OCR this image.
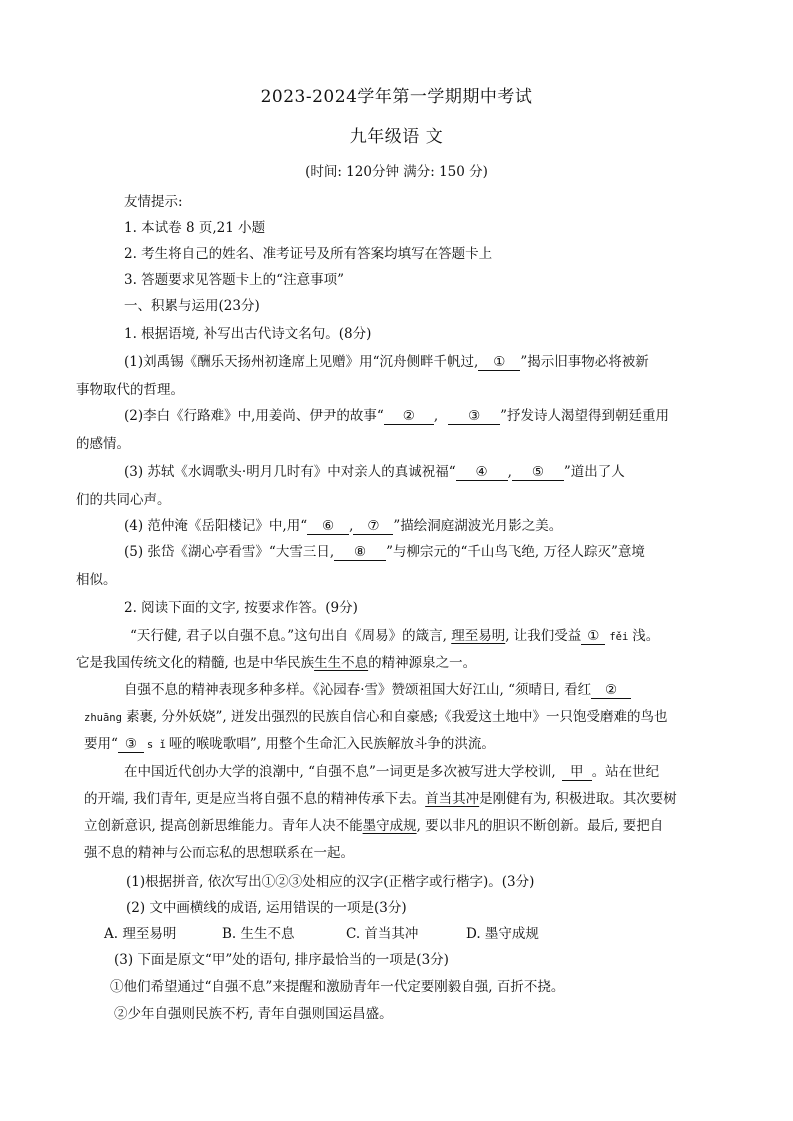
2023-2024学年第一学期期中考试
九年级语 文
(时间: 120分钟 满分: 150 分)
友情提示:
1. 本试卷 8 页,21 小题
2. 考生将自己的姓名、准考证号及所有答案均填写在答题卡上
3. 答题要求见答题卡上的“注意事项”
一、积累与运用(23分)
1. 根据语境, 补写出古代诗文名句。(8分)
(1)刘禹锡《酬乐天扬州初逢席上见赠》用“沉舟侧畔千帆过, ① ”揭示旧事物必将被新
事物取代的哲理。
(2)李白《行路难》中,用姜尚、伊尹的故事“ ② , ③ ”抒发诗人渴望得到朝廷重用
的感情。
(3) 苏轼《水调歌头·明月几时有》中对亲人的真诚祝福“ ④ , ⑤ ”道出了人
们的共同心声。
(4) 范仲淹《岳阳楼记》中,用“ ⑥ , ⑦ ”描绘洞庭湖波光月影之美。
(5) 张岱《湖心亭看雪》“大雪三日, ⑧ ”与柳宗元的“千山鸟飞绝, 万径人踪灭”意境
相似。
2. 阅读下面的文字, 按要求作答。(9分)
“天行健, 君子以自强不息。”这句出自《周易》的箴言, 理至易明, 让我们受益 ① fěi 浅。
它是我国传统文化的精髓, 也是中华民族生生不息的精神源泉之一。
自强不息的精神表现多种多样。《沁园春·雪》赞颂祖国大好江山, “须晴日, 看红 ②
zhuāng 素裹, 分外妖娆”, 迸发出强烈的民族自信心和自豪感;《我爱这土地中》一只饱受磨难的鸟也
要用“ ③ s ǐ 哑的喉咙歌唱”, 用整个生命汇入民族解放斗争的洪流。
在中国近代创办大学的浪潮中, “自强不息”一词更是多次被写进大学校训, 甲 。站在世纪
的开端, 我们青年, 更是应当将自强不息的精神传承下去。首当其冲是刚健有为, 积极进取。其次要树
立创新意识, 提高创新思维能力。青年人决不能墨守成规, 要以非凡的胆识不断创新。最后, 要把自
强不息的精神与公而忘私的思想联系在一起。
(1)根据拼音, 依次写出①②③处相应的汉字(正楷字或行楷字)。(3分)
(2) 文中画横线的成语, 运用错误的一项是(3分)
A. 理至易明	B. 生生不息	C. 首当其冲	D. 墨守成规
(3) 下面是原文“甲”处的语句, 排序最恰当的一项是(3分)
①他们希望通过“自强不息”来提醒和激励青年一代定要刚毅自强, 百折不挠。
②少年自强则民族不朽, 青年自强则国运昌盛。
